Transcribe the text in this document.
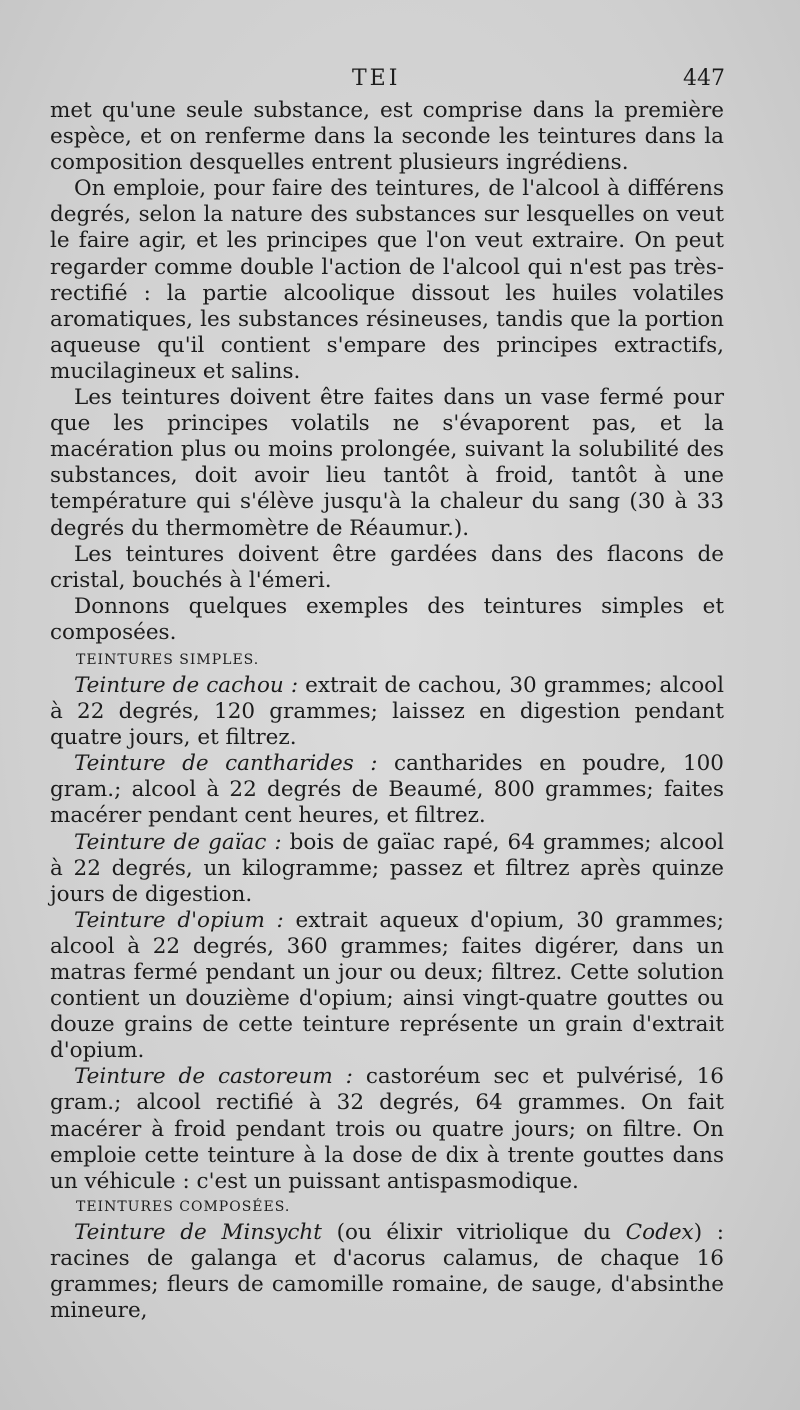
TEI	447

met qu'une seule substance, est comprise dans la première espèce, et on renferme dans la seconde les teintures dans la composition desquelles entrent plusieurs ingrédiens.

On emploie, pour faire des teintures, de l'alcool à différens degrés, selon la nature des substances sur lesquelles on veut le faire agir, et les principes que l'on veut extraire. On peut regarder comme double l'action de l'alcool qui n'est pas très-rectifié : la partie alcoolique dissout les huiles volatiles aromatiques, les substances résineuses, tandis que la portion aqueuse qu'il contient s'empare des principes extractifs, mucilagineux et salins.

Les teintures doivent être faites dans un vase fermé pour que les principes volatils ne s'évaporent pas, et la macération plus ou moins prolongée, suivant la solubilité des substances, doit avoir lieu tantôt à froid, tantôt à une température qui s'élève jusqu'à la chaleur du sang (30 à 33 degrés du thermomètre de Réaumur.).

Les teintures doivent être gardées dans des flacons de cristal, bouchés à l'émeri.

Donnons quelques exemples des teintures simples et composées.

TEINTURES SIMPLES.

Teinture de cachou : extrait de cachou, 30 grammes; alcool à 22 degrés, 120 grammes; laissez en digestion pendant quatre jours, et filtrez.

Teinture de cantharides : cantharides en poudre, 100 gram.; alcool à 22 degrés de Beaumé, 800 grammes; faites macérer pendant cent heures, et filtrez.

Teinture de gaïac : bois de gaïac rapé, 64 grammes; alcool à 22 degrés, un kilogramme; passez et filtrez après quinze jours de digestion.

Teinture d'opium : extrait aqueux d'opium, 30 grammes; alcool à 22 degrés, 360 grammes; faites digérer, dans un matras fermé pendant un jour ou deux; filtrez. Cette solution contient un douzième d'opium; ainsi vingt-quatre gouttes ou douze grains de cette teinture représente un grain d'extrait d'opium.

Teinture de castoreum : castoréum sec et pulvérisé, 16 gram.; alcool rectifié à 32 degrés, 64 grammes. On fait macérer à froid pendant trois ou quatre jours; on filtre. On emploie cette teinture à la dose de dix à trente gouttes dans un véhicule : c'est un puissant antispasmodique.

TEINTURES COMPOSÉES.

Teinture de Minsycht (ou élixir vitriolique du Codex) : racines de galanga et d'acorus calamus, de chaque 16 grammes; fleurs de camomille romaine, de sauge, d'absinthe mineure,
